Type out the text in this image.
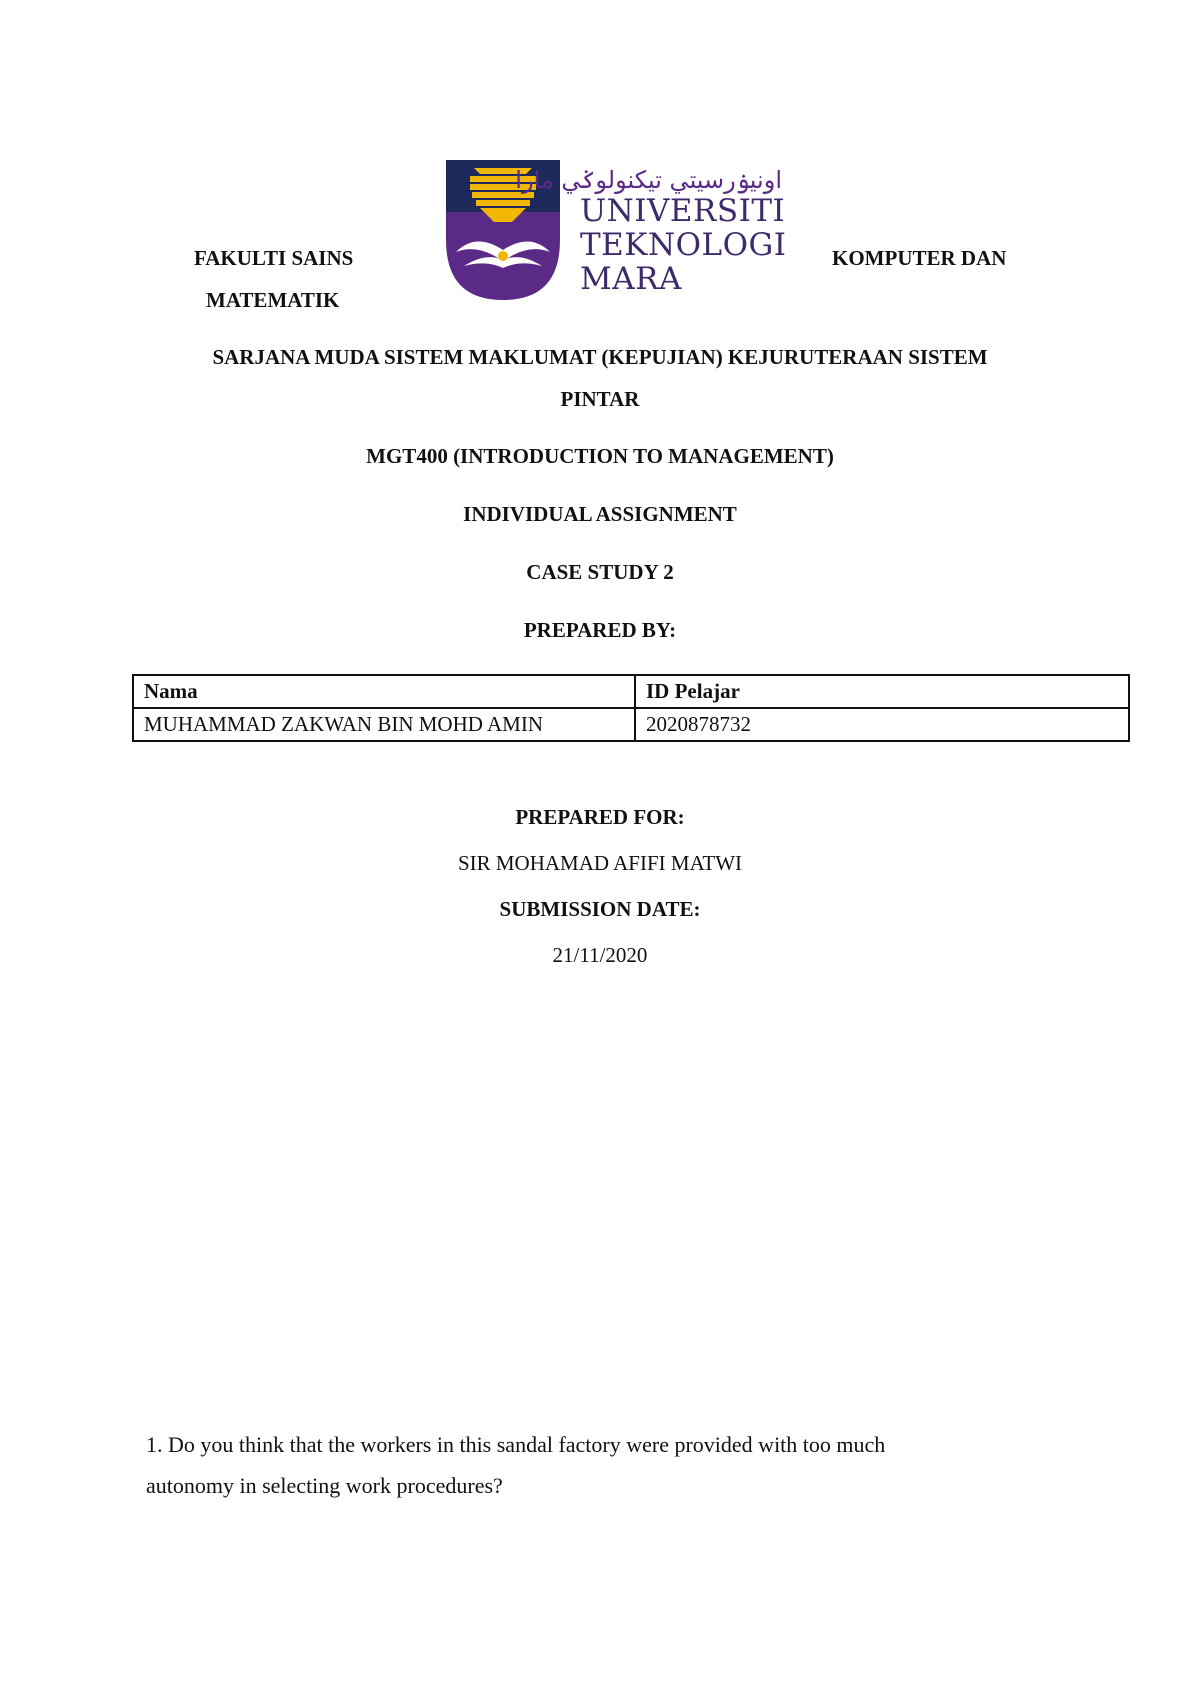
FAKULTI SAINS
MATEMATIK
KOMPUTER DAN
اونيۏرسيتي تيکنولوݢي مارا
UNIVERSITI
TEKNOLOGI
MARA
SARJANA MUDA SISTEM MAKLUMAT (KEPUJIAN) KEJURUTERAAN SISTEM
PINTAR
MGT400 (INTRODUCTION TO MANAGEMENT)
INDIVIDUAL ASSIGNMENT
CASE STUDY 2
PREPARED BY:
Nama	ID Pelajar
MUHAMMAD ZAKWAN BIN MOHD AMIN	2020878732
PREPARED FOR:
SIR MOHAMAD AFIFI MATWI
SUBMISSION DATE:
21/11/2020
1. Do you think that the workers in this sandal factory were provided with too much
autonomy in selecting work procedures?
